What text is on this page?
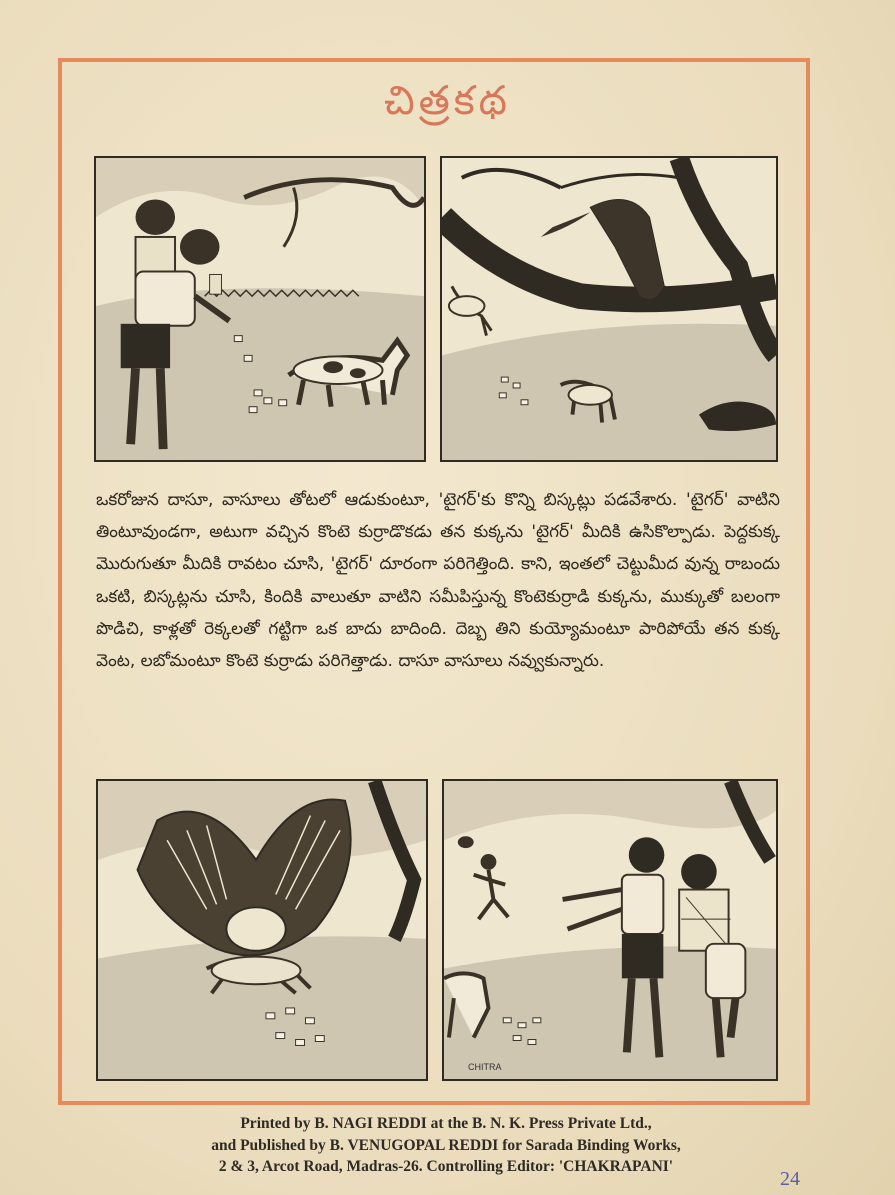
చిత్రకథ
ఒకరోజున దాసూ, వాసూలు తోటలో ఆడుకుంటూ, 'టైగర్'కు కొన్ని బిస్కట్లు పడవేశారు. 'టైగర్' వాటిని తింటూవుండగా, అటుగా వచ్చిన కొంటె కుర్రాడొకడు తన కుక్కను 'టైగర్' మీదికి ఉసికొల్పాడు. పెద్దకుక్క మొరుగుతూ మీదికి రావటం చూసి, 'టైగర్' దూరంగా పరిగెత్తింది. కాని, ఇంతలో చెట్టుమీద వున్న రాబందు ఒకటి, బిస్కట్లను చూసి, కిందికి వాలుతూ వాటిని సమీపిస్తున్న కొంటెకుర్రాడి కుక్కను, ముక్కుతో బలంగా పొడిచి, కాళ్లతో రెక్కలతో గట్టిగా ఒక బాదు బాదింది. దెబ్బ తిని కుయ్యోమంటూ పారిపోయే తన కుక్క వెంట, లబోమంటూ కొంటె కుర్రాడు పరిగెత్తాడు. దాసూ వాసూలు నవ్వుకున్నారు.
CHITRA
Printed by B. NAGI REDDI at the B. N. K. Press Private Ltd.,
and Published by B. VENUGOPAL REDDI for Sarada Binding Works,
2 & 3, Arcot Road, Madras-26. Controlling Editor: 'CHAKRAPANI'
24
